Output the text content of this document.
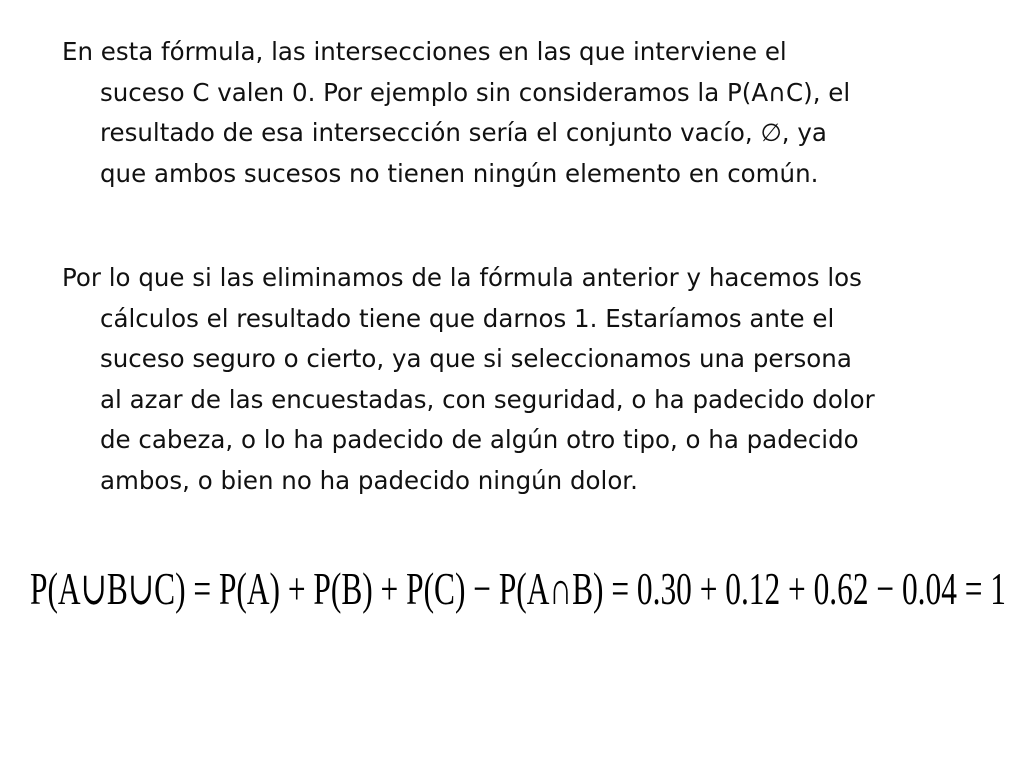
En esta fórmula, las intersecciones en las que interviene el
suceso C valen 0. Por ejemplo sin consideramos la P(A∩C), el
resultado de esa intersección sería el conjunto vacío, ∅, ya
que ambos sucesos no tienen ningún elemento en común.
Por lo que si las eliminamos de la fórmula anterior y hacemos los
cálculos el resultado tiene que darnos 1. Estaríamos ante el
suceso seguro o cierto, ya que si seleccionamos una persona
al azar de las encuestadas, con seguridad, o ha padecido dolor
de cabeza, o lo ha padecido de algún otro tipo, o ha padecido
ambos, o bien no ha padecido ningún dolor.
P(A∪B∪C) = P(A) + P(B) + P(C) − P(A∩B) = 0.30 + 0.12 + 0.62 − 0.04 = 1
